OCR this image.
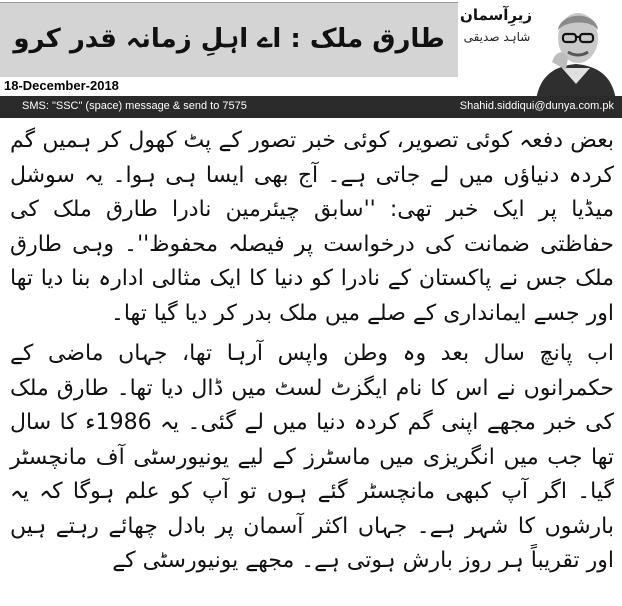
طارق ملک : اے اہلِ زمانہ قدر کرو
زیرِآسمان
شاہد صدیقی
18-December-2018
SMS: "SSC" (space) message & send to 7575	Shahid.siddiqui@dunya.com.pk

بعض دفعہ کوئی تصویر، کوئی خبر تصور کے پٹ کھول کر ہمیں گم کردہ دنیاؤں میں لے جاتی ہے۔ آج بھی ایسا ہی ہوا۔ یہ سوشل میڈیا پر ایک خبر تھی: ''سابق چیئرمین نادرا طارق ملک کی حفاظتی ضمانت کی درخواست پر فیصلہ محفوظ''۔ وہی طارق ملک جس نے پاکستان کے نادرا کو دنیا کا ایک مثالی ادارہ بنا دیا تھا اور جسے ایمانداری کے صلے میں ملک بدر کر دیا گیا تھا۔

اب پانچ سال بعد وہ وطن واپس آرہا تھا، جہاں ماضی کے حکمرانوں نے اس کا نام ایگزٹ لسٹ میں ڈال دیا تھا۔ طارق ملک کی خبر مجھے اپنی گم کردہ دنیا میں لے گئی۔ یہ 1986ء کا سال تھا جب میں انگریزی میں ماسٹرز کے لیے یونیورسٹی آف مانچسٹر گیا۔ اگر آپ کبھی مانچسٹر گئے ہوں تو آپ کو علم ہوگا کہ یہ بارشوں کا شہر ہے۔ جہاں اکثر آسمان پر بادل چھائے رہتے ہیں اور تقریباً ہر روز بارش ہوتی ہے۔ مجھے یونیورسٹی کے
